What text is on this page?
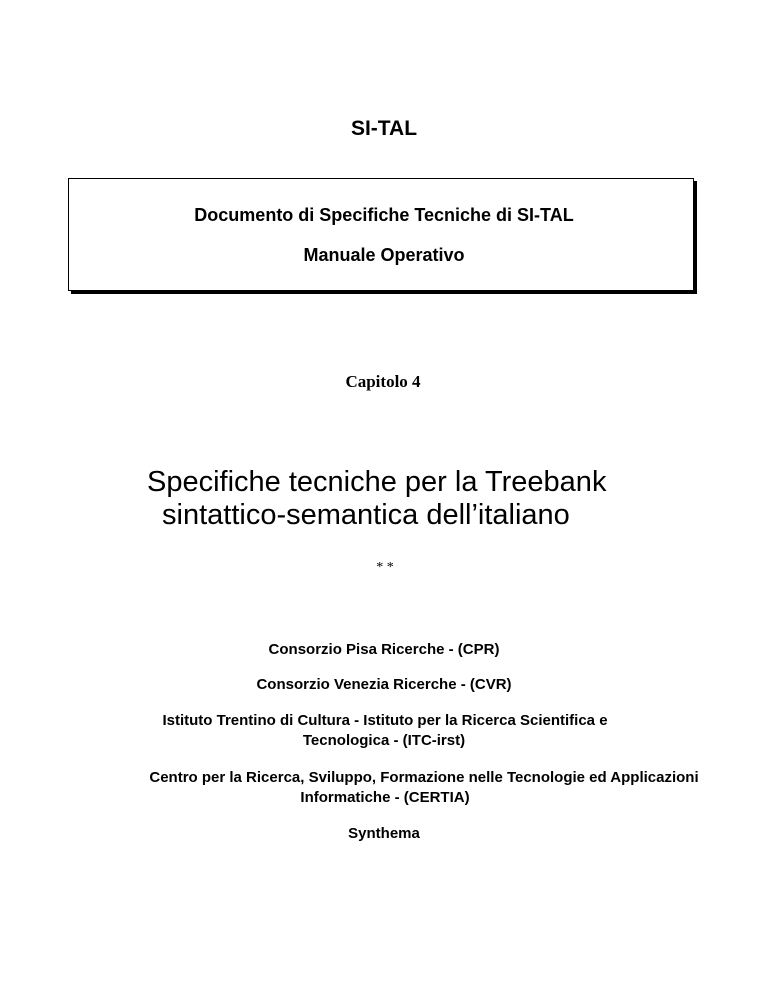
SI-TAL
Documento di Specifiche Tecniche di SI-TAL
Manuale Operativo
Capitolo 4
Specifiche tecniche per la Treebank
sintattico-semantica dell’italiano
* *
Consorzio Pisa Ricerche - (CPR)
Consorzio Venezia Ricerche - (CVR)
Istituto Trentino di Cultura - Istituto per la Ricerca Scientifica e
Tecnologica - (ITC-irst)
Centro per la Ricerca, Sviluppo, Formazione nelle Tecnologie ed Applicazioni
Informatiche - (CERTIA)
Synthema
